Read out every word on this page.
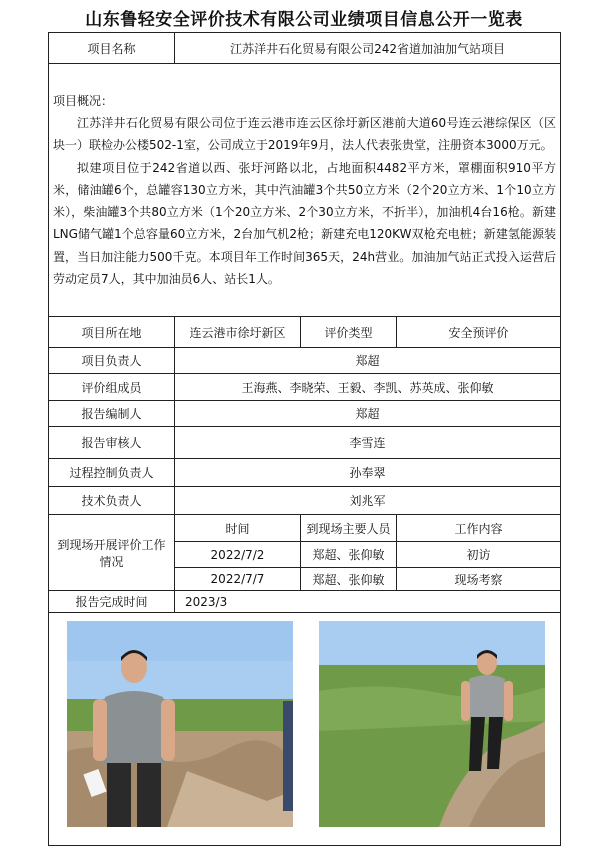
山东鲁轻安全评价技术有限公司业绩项目信息公开一览表
项目名称	江苏洋井石化贸易有限公司242省道加油加气站项目		

项目概况：

江苏洋井石化贸易有限公司位于连云港市连云区徐圩新区港前大道60号连云港综保区（区块一）联检办公楼502-1室，公司成立于2019年9月，法人代表张贵堂，注册资本3000万元。

拟建项目位于242省道以西、张圩河路以北，占地面积4482平方米，罩棚面积910平方米，储油罐6个，总罐容130立方米，其中汽油罐3个共50立方米（2个20立方米、1个10立方米），柴油罐3个共80立方米（1个20立方米、2个30立方米，不折半），加油机4台16枪。新建LNG储气罐1个总容量60立方米，2台加气机2枪；新建充电120KW双枪充电桩；新建氢能源装置，当日加注能力500千克。本项目年工作时间365天，24h营业。加油加气站正式投入运营后劳动定员7人，其中加油员6人、站长1人。			

项目所在地	连云港市徐圩新区	评价类型	安全预评价
项目负责人	郑超		
评价组成员	王海燕、李晓荣、王毅、李凯、苏英成、张仰敏		
报告编制人	郑超		
报告审核人	李雪连		
过程控制负责人	孙奉翠		
技术负责人	刘兆军		
到现场开展评价工作情况	时间	到现场主要人员	工作内容
	2022/7/2	郑超、张仰敏	初访
	2022/7/7	郑超、张仰敏	现场考察
报告完成时间	2023/3		
